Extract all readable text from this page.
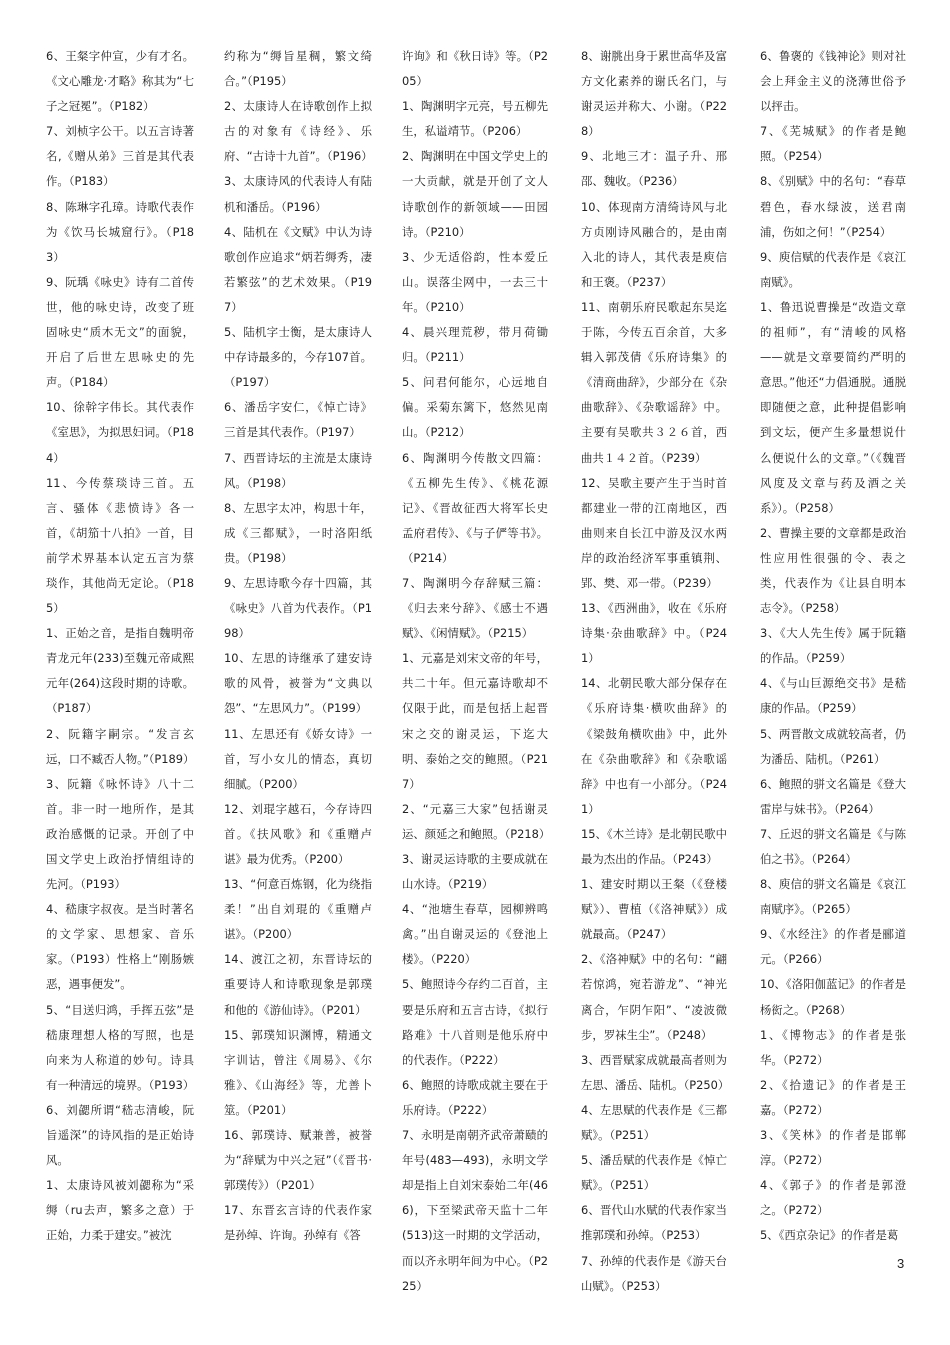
6、王粲字仲宣，少有才名。《文心雕龙·才略》称其为“七子之冠冕”。（P182）

7、刘桢字公干。以五言诗著名,《赠从弟》三首是其代表作。（P183）

8、陈琳字孔璋。诗歌代表作为《饮马长城窟行》。（P183）

9、阮瑀《咏史》诗有二首传世，他的咏史诗，改变了班固咏史“质木无文”的面貌，开启了后世左思咏史的先声。（P184）

10、徐幹字伟长。其代表作《室思》，为拟思妇词。（P184）

11、今传蔡琰诗三首。五言、骚体《悲愤诗》各一首，《胡笳十八拍》一首，目前学术界基本认定五言为蔡琰作，其他尚无定论。（P185）

1、正始之音，是指自魏明帝青龙元年(233)至魏元帝咸熙元年(264)这段时期的诗歌。（P187）

2、阮籍字嗣宗。“发言玄远，口不臧否人物。”（P189）

3、阮籍《咏怀诗》八十二首。非一时一地所作，是其政治感慨的记录。开创了中国文学史上政治抒情组诗的先河。（P193）

4、嵇康字叔夜。是当时著名的文学家、思想家、音乐家。（P193）性格上“刚肠嫉恶，遇事便发”。

5、“目送归鸿，手挥五弦”是嵇康理想人格的写照，也是向来为人称道的妙句。诗具有一种清远的境界。（P193）

6、刘勰所谓“嵇志清峻，阮旨遥深”的诗风指的是正始诗风。

1、太康诗风被刘勰称为“采缛（ru去声，繁多之意）于正始，力柔于建安。”被沈

约称为“缛旨星稠，繁文绮合。”（P195）

2、太康诗人在诗歌创作上拟古的对象有《诗经》、乐府、“古诗十九首”。（P196）

3、太康诗风的代表诗人有陆机和潘岳。（P196）

4、陆机在《文赋》中认为诗歌创作应追求“炳若缛秀，凄若繁弦”的艺术效果。（P197）

5、陆机字士衡，是太康诗人中存诗最多的，今存107首。（P197）

6、潘岳字安仁，《悼亡诗》三首是其代表作。（P197）

7、西晋诗坛的主流是太康诗风。（P198）

8、左思字太冲，构思十年，成《三都赋》，一时洛阳纸贵。（P198）

9、左思诗歌今存十四篇，其《咏史》八首为代表作。（P198）

10、左思的诗继承了建安诗歌的风骨，被誉为“文典以怨”、“左思风力”。（P199）

11、左思还有《娇女诗》一首，写小女儿的情态，真切细腻。（P200）

12、刘琨字越石，今存诗四首。《扶风歌》和《重赠卢谌》最为优秀。（P200）

13、“何意百炼钢，化为绕指柔！”出自刘琨的《重赠卢谌》。（P200）

14、渡江之初，东晋诗坛的重要诗人和诗歌现象是郭璞和他的《游仙诗》。（P201）

15、郭璞知识渊博，精通文字训诂，曾注《周易》、《尔雅》、《山海经》等，尤善卜筮。（P201）

16、郭璞诗、赋兼善，被誉为“辞赋为中兴之冠”（《晋书·郭璞传》）（P201）

17、东晋玄言诗的代表作家是孙绰、许询。孙绰有《答

许询》和《秋日诗》等。（P205）

1、陶渊明字元亮，号五柳先生，私谥靖节。（P206）

2、陶渊明在中国文学史上的一大贡献，就是开创了文人诗歌创作的新领域——田园诗。（P210）

3、少无适俗韵，性本爱丘山。误落尘网中，一去三十年。（P210）

4、晨兴理荒秽，带月荷锄归。（P211）

5、问君何能尔，心远地自偏。采菊东篱下，悠然见南山。（P212）

6、陶渊明今传散文四篇：《五柳先生传》、《桃花源记》、《晋故征西大将军长史孟府君传》、《与子俨等书》。（P214）

7、陶渊明今存辞赋三篇：《归去来兮辞》、《感士不遇赋》、《闲情赋》。（P215）

1、元嘉是刘宋文帝的年号，共二十年。但元嘉诗歌却不仅限于此，而是包括上起晋宋之交的谢灵运，下迄大明、泰始之交的鲍照。（P217）

2、“元嘉三大家”包括谢灵运、颜延之和鲍照。（P218）

3、谢灵运诗歌的主要成就在山水诗。（P219）

4、“池塘生春草，园柳辨鸣禽。”出自谢灵运的《登池上楼》。（P220）

5、鲍照诗今存约二百首，主要是乐府和五言古诗，《拟行路难》十八首则是他乐府中的代表作。（P222）

6、鲍照的诗歌成就主要在于乐府诗。（P222）

7、永明是南朝齐武帝萧赜的年号(483—493)，永明文学却是指上自刘宋泰始二年(466)，下至梁武帝天监十二年(513)这一时期的文学活动，而以齐永明年间为中心。（P225）

8、谢朓出身于累世高华及富方文化素养的谢氏名门，与谢灵运并称大、小谢。（P228）

9、北地三才：温子升、邢邵、魏收。（P236）

10、体现南方清绮诗风与北方贞刚诗风融合的，是由南入北的诗人，其代表是庾信和王褒。（P237）

11、南朝乐府民歌起东吴迄于陈，今传五百余首，大多辑入郭茂倩《乐府诗集》的《清商曲辞》，少部分在《杂曲歌辞》、《杂歌谣辞》中。主要有吴歌共３２６首，西曲共１４２首。（P239）

12、吴歌主要产生于当时首都建业一带的江南地区，西曲则来自长江中游及汉水两岸的政治经济军事重镇荆、郢、樊、邓一带。（P239）

13、《西洲曲》，收在《乐府诗集·杂曲歌辞》中。（P241）

14、北朝民歌大部分保存在《乐府诗集·横吹曲辞》的《梁鼓角横吹曲》中，此外在《杂曲歌辞》和《杂歌谣辞》中也有一小部分。（P241）

15、《木兰诗》是北朝民歌中最为杰出的作品。（P243）

1、建安时期以王粲（《登楼赋》）、曹植（《洛神赋》）成就最高。（P247）

2、《洛神赋》中的名句：“翩若惊鸿，宛若游龙”、“神光离合，乍阴乍阳”、“凌波微步，罗袜生尘”。（P248）

3、西晋赋家成就最高者则为左思、潘岳、陆机。（P250）

4、左思赋的代表作是《三都赋》。（P251）

5、潘岳赋的代表作是《悼亡赋》。（P251）

6、晋代山水赋的代表作家当推郭璞和孙绰。（P253）

7、孙绰的代表作是《游天台山赋》。（P253）

6、鲁褒的《钱神论》则对社会上拜金主义的浇薄世俗予以抨击。

7、《芜城赋》的作者是鲍照。（P254）

8、《别赋》中的名句：“春草碧色，春水绿波，送君南浦，伤如之何！”（P254）

9、庾信赋的代表作是《哀江南赋》。

1、鲁迅说曹操是“改造文章的祖师”，有“清峻的风格——就是文章要简约严明的意思。”他还“力倡通脱。通脱即随便之意，此种提倡影响到文坛，便产生多量想说什么便说什么的文章。”（《魏晋风度及文章与药及酒之关系》）。（P258）

2、曹操主要的文章都是政治性应用性很强的令、表之类，代表作为《让县自明本志令》。（P258）

3、《大人先生传》属于阮籍的作品。（P259）

4、《与山巨源绝交书》是嵇康的作品。（P259）

5、两晋散文成就较高者，仍为潘岳、陆机。（P261）

6、鲍照的骈文名篇是《登大雷岸与妹书》。（P264）

7、丘迟的骈文名篇是《与陈伯之书》。（P264）

8、庾信的骈文名篇是《哀江南赋序》。（P265）

9、《水经注》的作者是郦道元。（P266）

10、《洛阳伽蓝记》的作者是杨衒之。（P268）

1、《博物志》的作者是张华。（P272）

2、《拾遗记》的作者是王嘉。（P272）

3、《笑林》的作者是邯郸淳。（P272）

4、《郭子》的作者是郭澄之。（P272）

5、《西京杂记》的作者是葛

3
